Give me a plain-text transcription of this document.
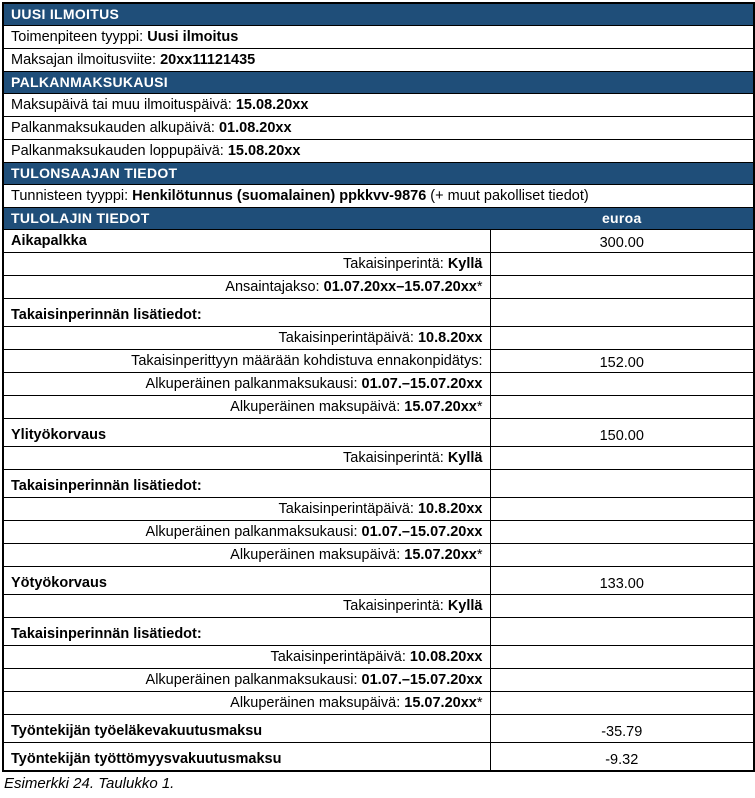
UUSI ILMOITUS	
Toimenpiteen tyyppi: Uusi ilmoitus	
Maksajan ilmoitusviite: 20xx11121435	
PALKANMAKSUKAUSI	
Maksupäivä tai muu ilmoituspäivä: 15.08.20xx	
Palkanmaksukauden alkupäivä: 01.08.20xx	
Palkanmaksukauden loppupäivä: 15.08.20xx	
TULONSAAJAN TIEDOT	
Tunnisteen tyyppi: Henkilötunnus (suomalainen) ppkkvv-9876 (+ muut pakolliset tiedot)	
TULOLAJIN TIEDOT	euroa
Aikapalkka	300.00
Takaisinperintä: Kyllä	
Ansaintajakso: 01.07.20xx–15.07.20xx*	
Takaisinperinnän lisätiedot:	
Takaisinperintäpäivä: 10.8.20xx	
Takaisinperittyyn määrään kohdistuva ennakonpidätys:	152.00
Alkuperäinen palkanmaksukausi: 01.07.–15.07.20xx	
Alkuperäinen maksupäivä: 15.07.20xx*	
Ylityökorvaus	150.00
Takaisinperintä: Kyllä	
Takaisinperinnän lisätiedot:	
Takaisinperintäpäivä: 10.8.20xx	
Alkuperäinen palkanmaksukausi: 01.07.–15.07.20xx	
Alkuperäinen maksupäivä: 15.07.20xx*	
Yötyökorvaus	133.00
Takaisinperintä: Kyllä	
Takaisinperinnän lisätiedot:	
Takaisinperintäpäivä: 10.08.20xx	
Alkuperäinen palkanmaksukausi: 01.07.–15.07.20xx	
Alkuperäinen maksupäivä: 15.07.20xx*	
Työntekijän työeläkevakuutusmaksu	-35.79
Työntekijän työttömyysvakuutusmaksu	-9.32
Esimerkki 24. Taulukko 1.
